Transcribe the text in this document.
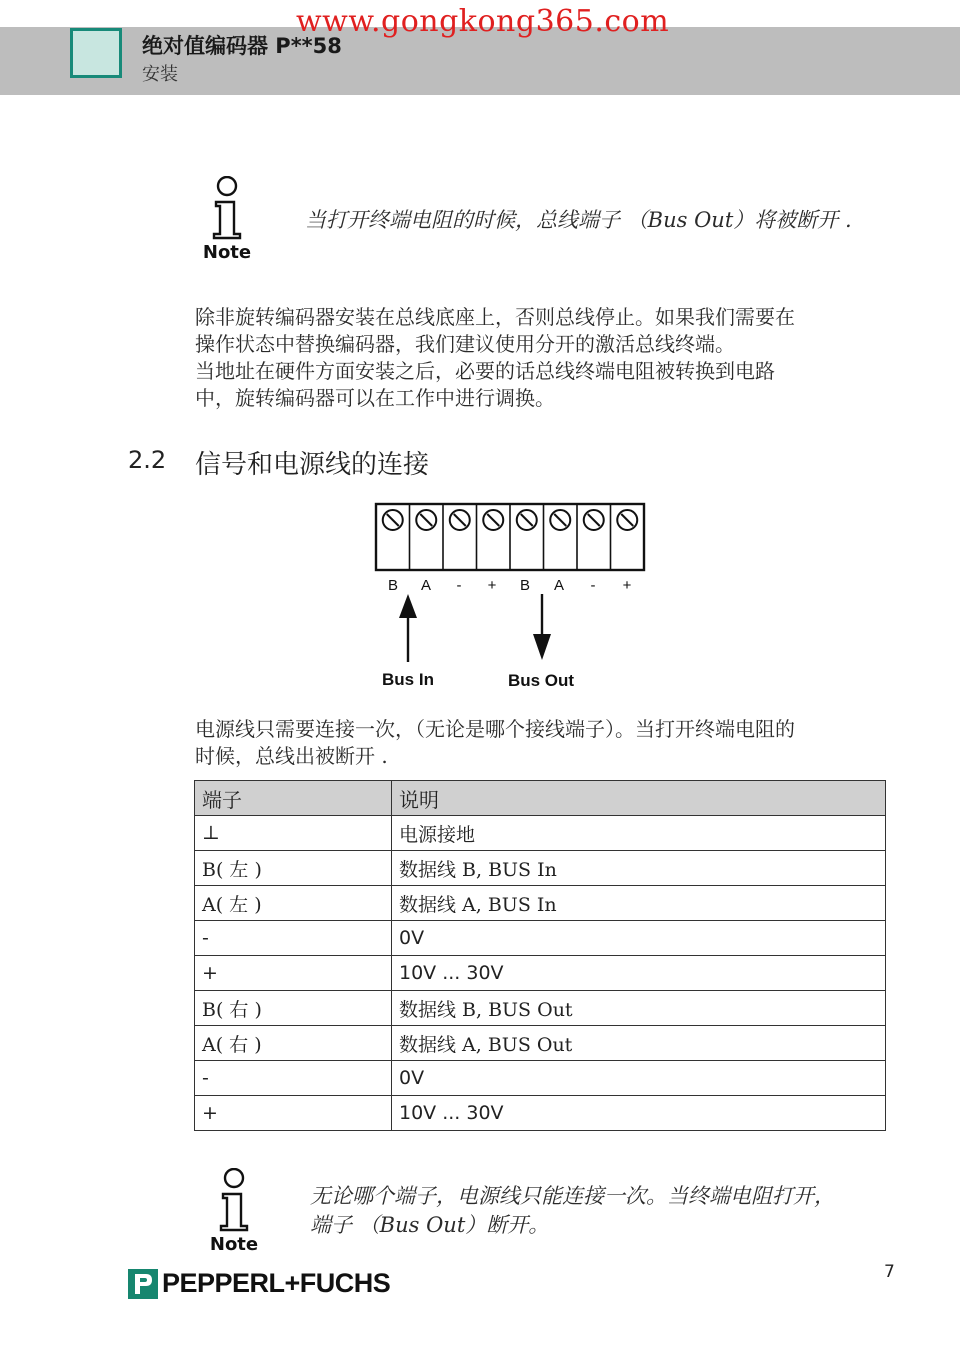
绝对值编码器 P**58
安装
www.gongkong365.com
Note
当打开终端电阻的时候，总线端子 （Bus Out）将被断开 .
除非旋转编码器安装在总线底座上，否则总线停止。如果我们需要在
操作状态中替换编码器，我们建议使用分开的激活总线终端。
当地址在硬件方面安装之后，必要的话总线终端电阻被转换到电路
中，旋转编码器可以在工作中进行调换。
2.2 信号和电源线的连接
B A - + B A - +
Bus In	Bus Out
电源线只需要连接一次，（无论是哪个接线端子）。当打开终端电阻的
时候，总线出被断开 .
端子	说明
⊥	电源接地
B( 左 )	数据线 B, BUS In
A( 左 )	数据线 A, BUS In
-	0V
+	10V ... 30V
B( 右 )	数据线 B, BUS Out
A( 右 )	数据线 A, BUS Out
-	0V
+	10V ... 30V
Note
无论哪个端子，电源线只能连接一次。当终端电阻打开，
端子 （Bus Out）断开。
PEPPERL+FUCHS	7
